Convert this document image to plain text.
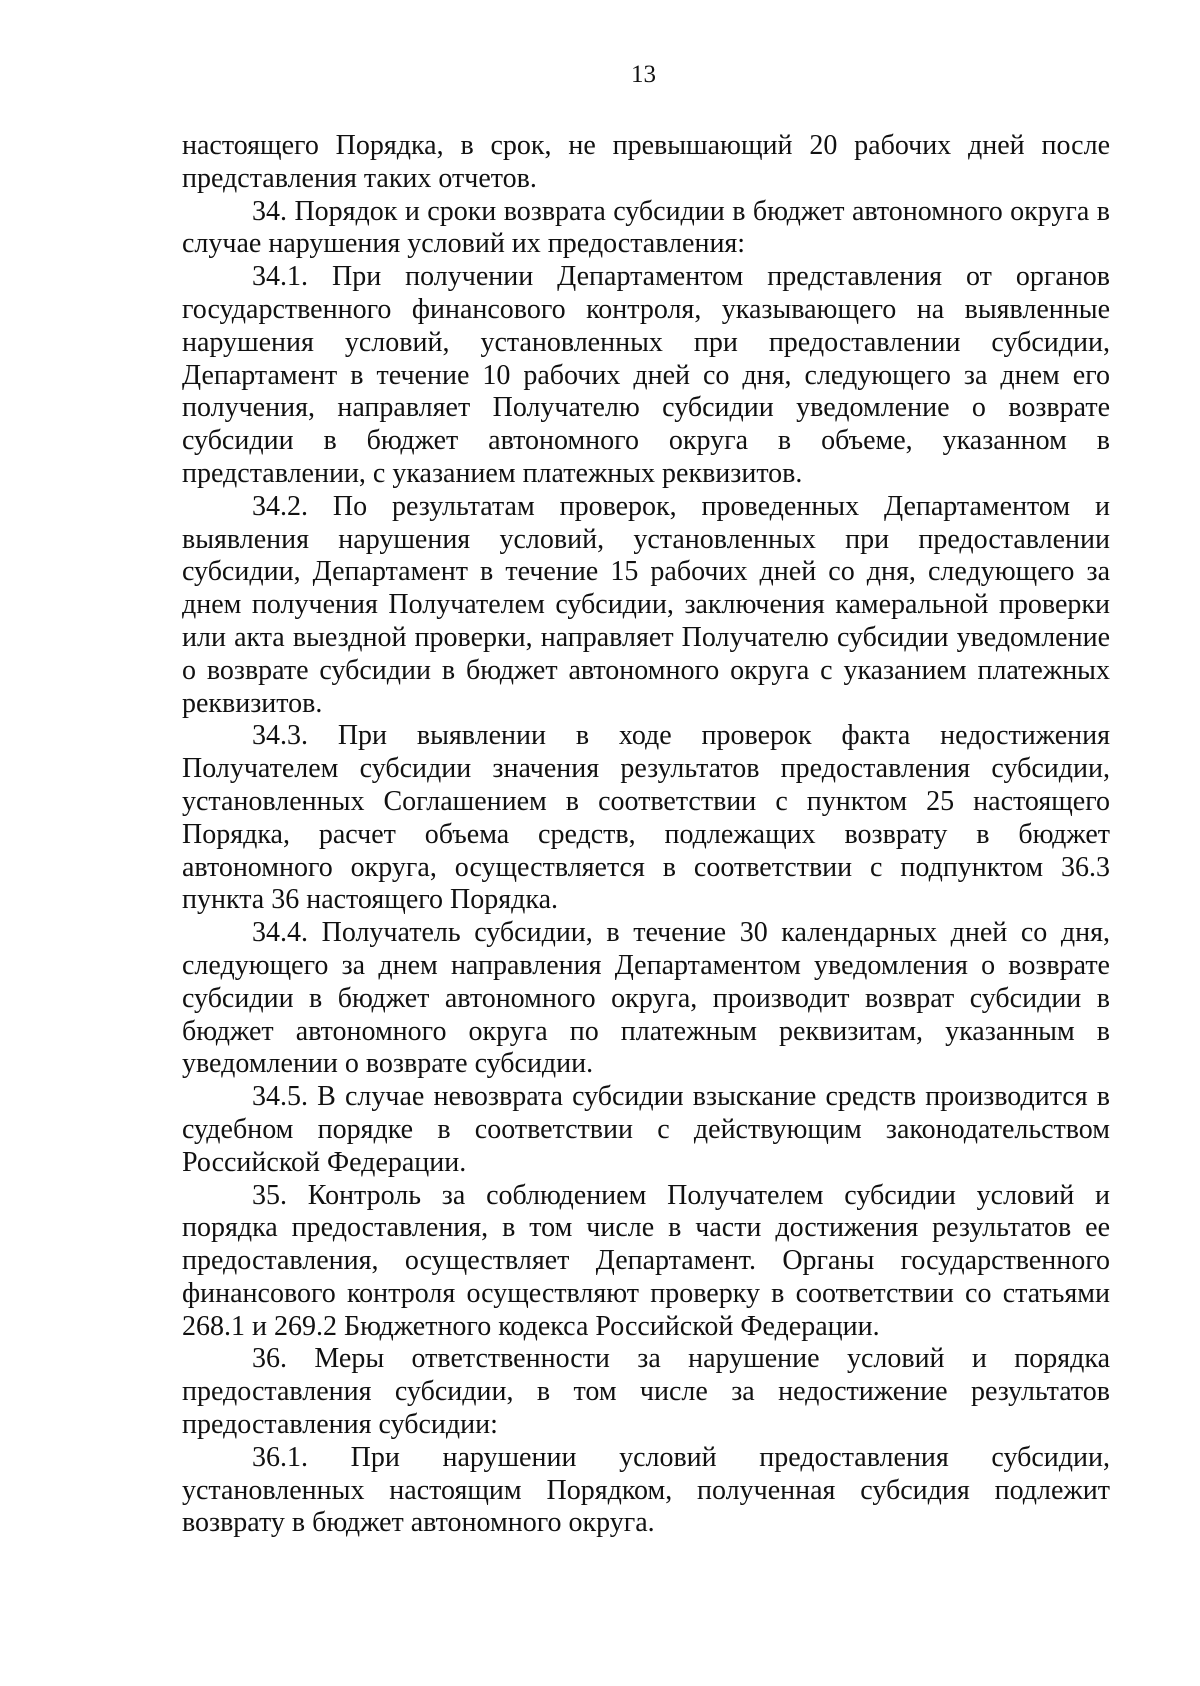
13

настоящего Порядка, в срок, не превышающий 20 рабочих дней после представления таких отчетов.

34. Порядок и сроки возврата субсидии в бюджет автономного округа в случае нарушения условий их предоставления:

34.1. При получении Департаментом представления от органов государственного финансового контроля, указывающего на выявленные нарушения условий, установленных при предоставлении субсидии, Департамент в течение 10 рабочих дней со дня, следующего за днем его получения, направляет Получателю субсидии уведомление о возврате субсидии в бюджет автономного округа в объеме, указанном в представлении, с указанием платежных реквизитов.

34.2. По результатам проверок, проведенных Департаментом и выявления нарушения условий, установленных при предоставлении субсидии, Департамент в течение 15 рабочих дней со дня, следующего за днем получения Получателем субсидии, заключения камеральной проверки или акта выездной проверки, направляет Получателю субсидии уведомление о возврате субсидии в бюджет автономного округа с указанием платежных реквизитов.

34.3. При выявлении в ходе проверок факта недостижения Получателем субсидии значения результатов предоставления субсидии, установленных Соглашением в соответствии с пунктом 25 настоящего Порядка, расчет объема средств, подлежащих возврату в бюджет автономного округа, осуществляется в соответствии с подпунктом 36.3 пункта 36 настоящего Порядка.

34.4. Получатель субсидии, в течение 30 календарных дней со дня, следующего за днем направления Департаментом уведомления о возврате субсидии в бюджет автономного округа, производит возврат субсидии в бюджет автономного округа по платежным реквизитам, указанным в уведомлении о возврате субсидии.

34.5. В случае невозврата субсидии взыскание средств производится в судебном порядке в соответствии с действующим законодательством Российской Федерации.

35. Контроль за соблюдением Получателем субсидии условий и порядка предоставления, в том числе в части достижения результатов ее предоставления, осуществляет Департамент. Органы государственного финансового контроля осуществляют проверку в соответствии со статьями 268.1 и 269.2 Бюджетного кодекса Российской Федерации.

36. Меры ответственности за нарушение условий и порядка предоставления субсидии, в том числе за недостижение результатов предоставления субсидии:

36.1. При нарушении условий предоставления субсидии, установленных настоящим Порядком, полученная субсидия подлежит возврату в бюджет автономного округа.
